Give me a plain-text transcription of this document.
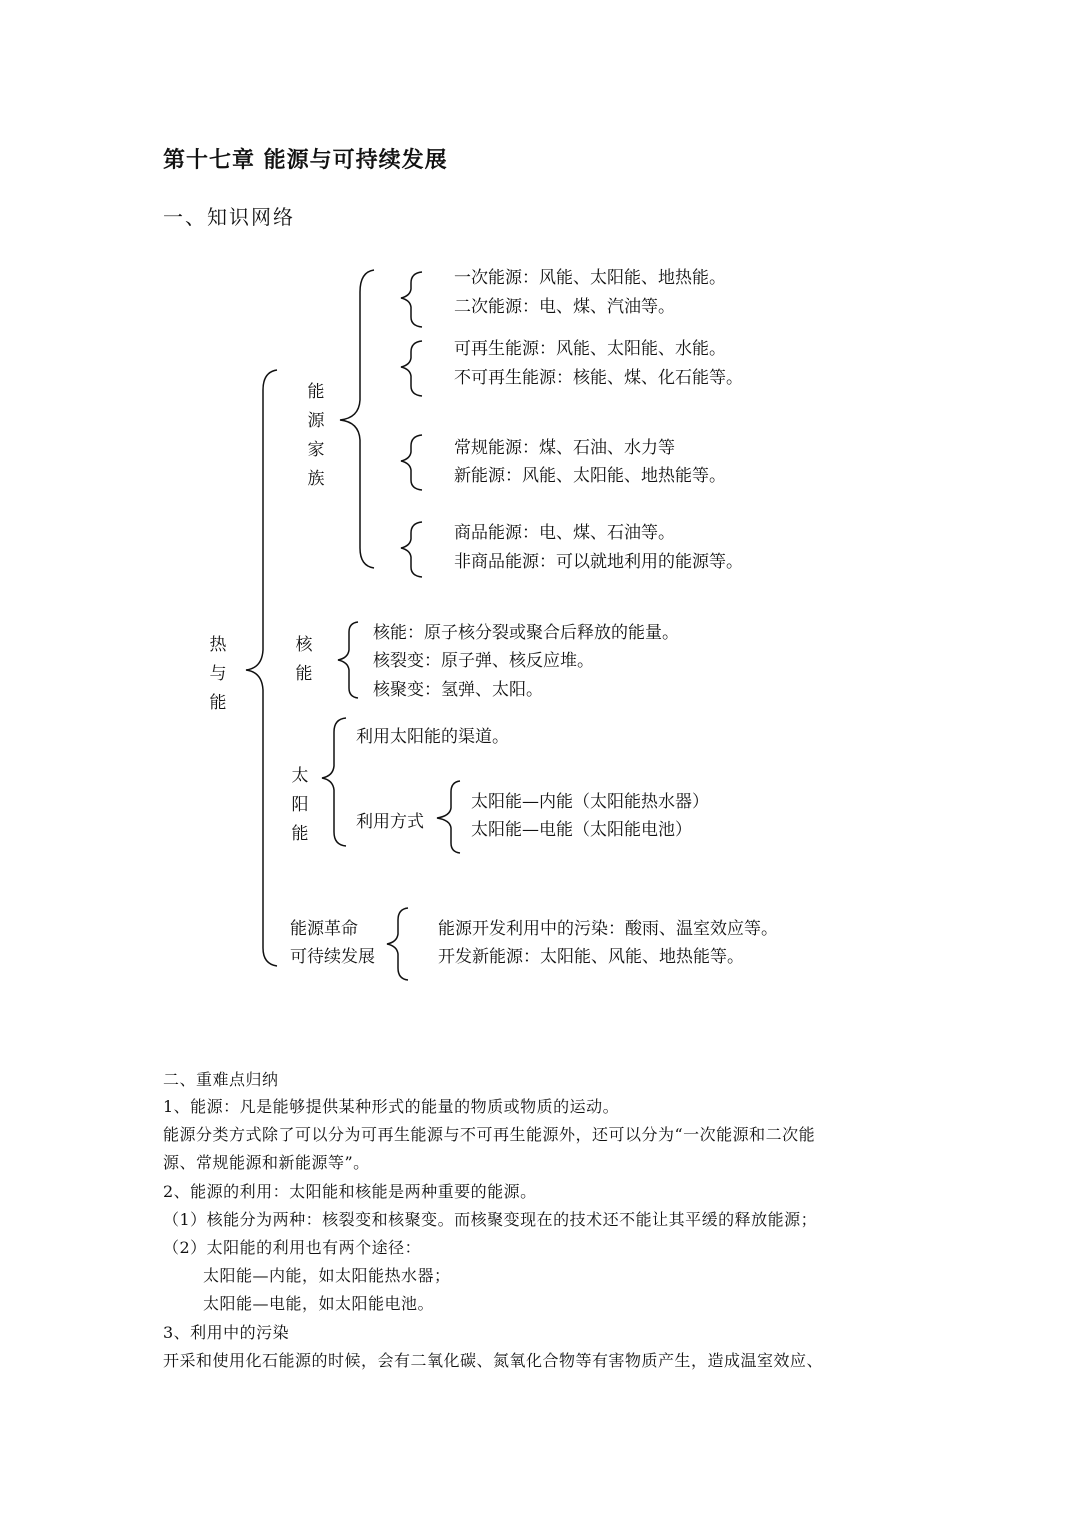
第十七章 能源与可持续发展
一、知识网络
热
与
能
能
源
家
族
一次能源：风能、太阳能、地热能。
二次能源：电、煤、汽油等。
可再生能源：风能、太阳能、水能。
不可再生能源：核能、煤、化石能等。
常规能源：煤、石油、水力等
新能源：风能、太阳能、地热能等。
商品能源：电、煤、石油等。
非商品能源：可以就地利用的能源等。
核
能
核能：原子核分裂或聚合后释放的能量。
核裂变：原子弹、核反应堆。
核聚变：氢弹、太阳。
太
阳
能
利用太阳能的渠道。
利用方式
太阳能—内能（太阳能热水器）
太阳能—电能（太阳能电池）
能源革命
可待续发展
能源开发利用中的污染：酸雨、温室效应等。
开发新能源：太阳能、风能、地热能等。
二、重难点归纳
1、能源：凡是能够提供某种形式的能量的物质或物质的运动。
能源分类方式除了可以分为可再生能源与不可再生能源外，还可以分为“一次能源和二次能
源、常规能源和新能源等”。
2、能源的利用：太阳能和核能是两种重要的能源。
（1）核能分为两种：核裂变和核聚变。而核聚变现在的技术还不能让其平缓的释放能源；
（2）太阳能的利用也有两个途径：
太阳能—内能，如太阳能热水器；
太阳能—电能，如太阳能电池。
3、利用中的污染
开采和使用化石能源的时候，会有二氧化碳、氮氧化合物等有害物质产生，造成温室效应、
